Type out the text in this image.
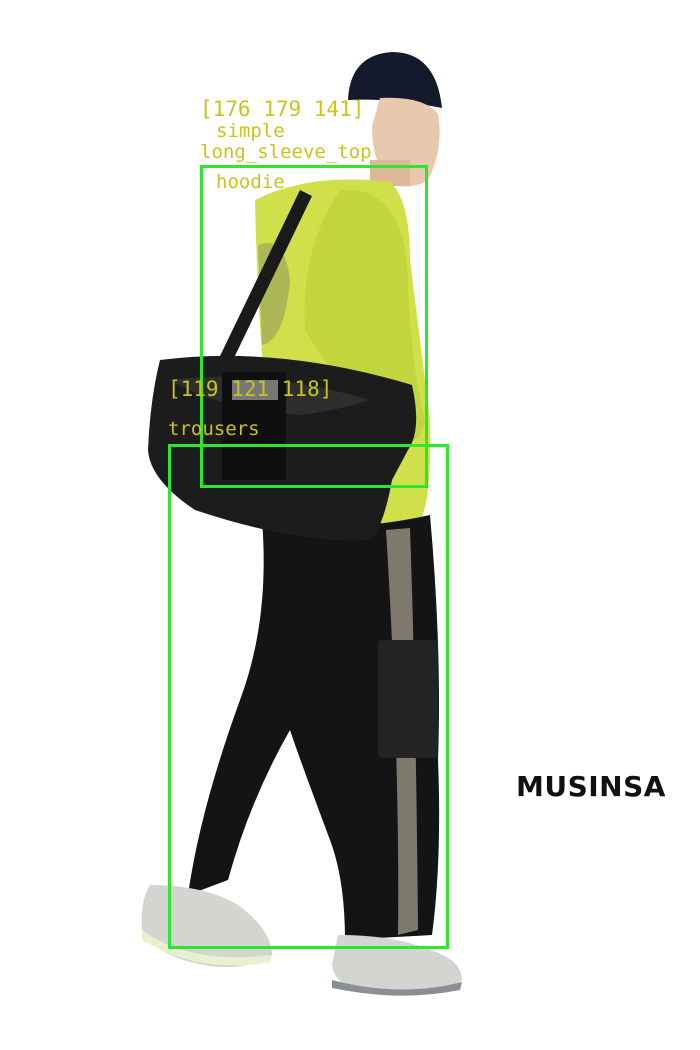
[176 179 141]
simple
long_sleeve_top
hoodie
[119 121 118]
trousers
MUSINSA
